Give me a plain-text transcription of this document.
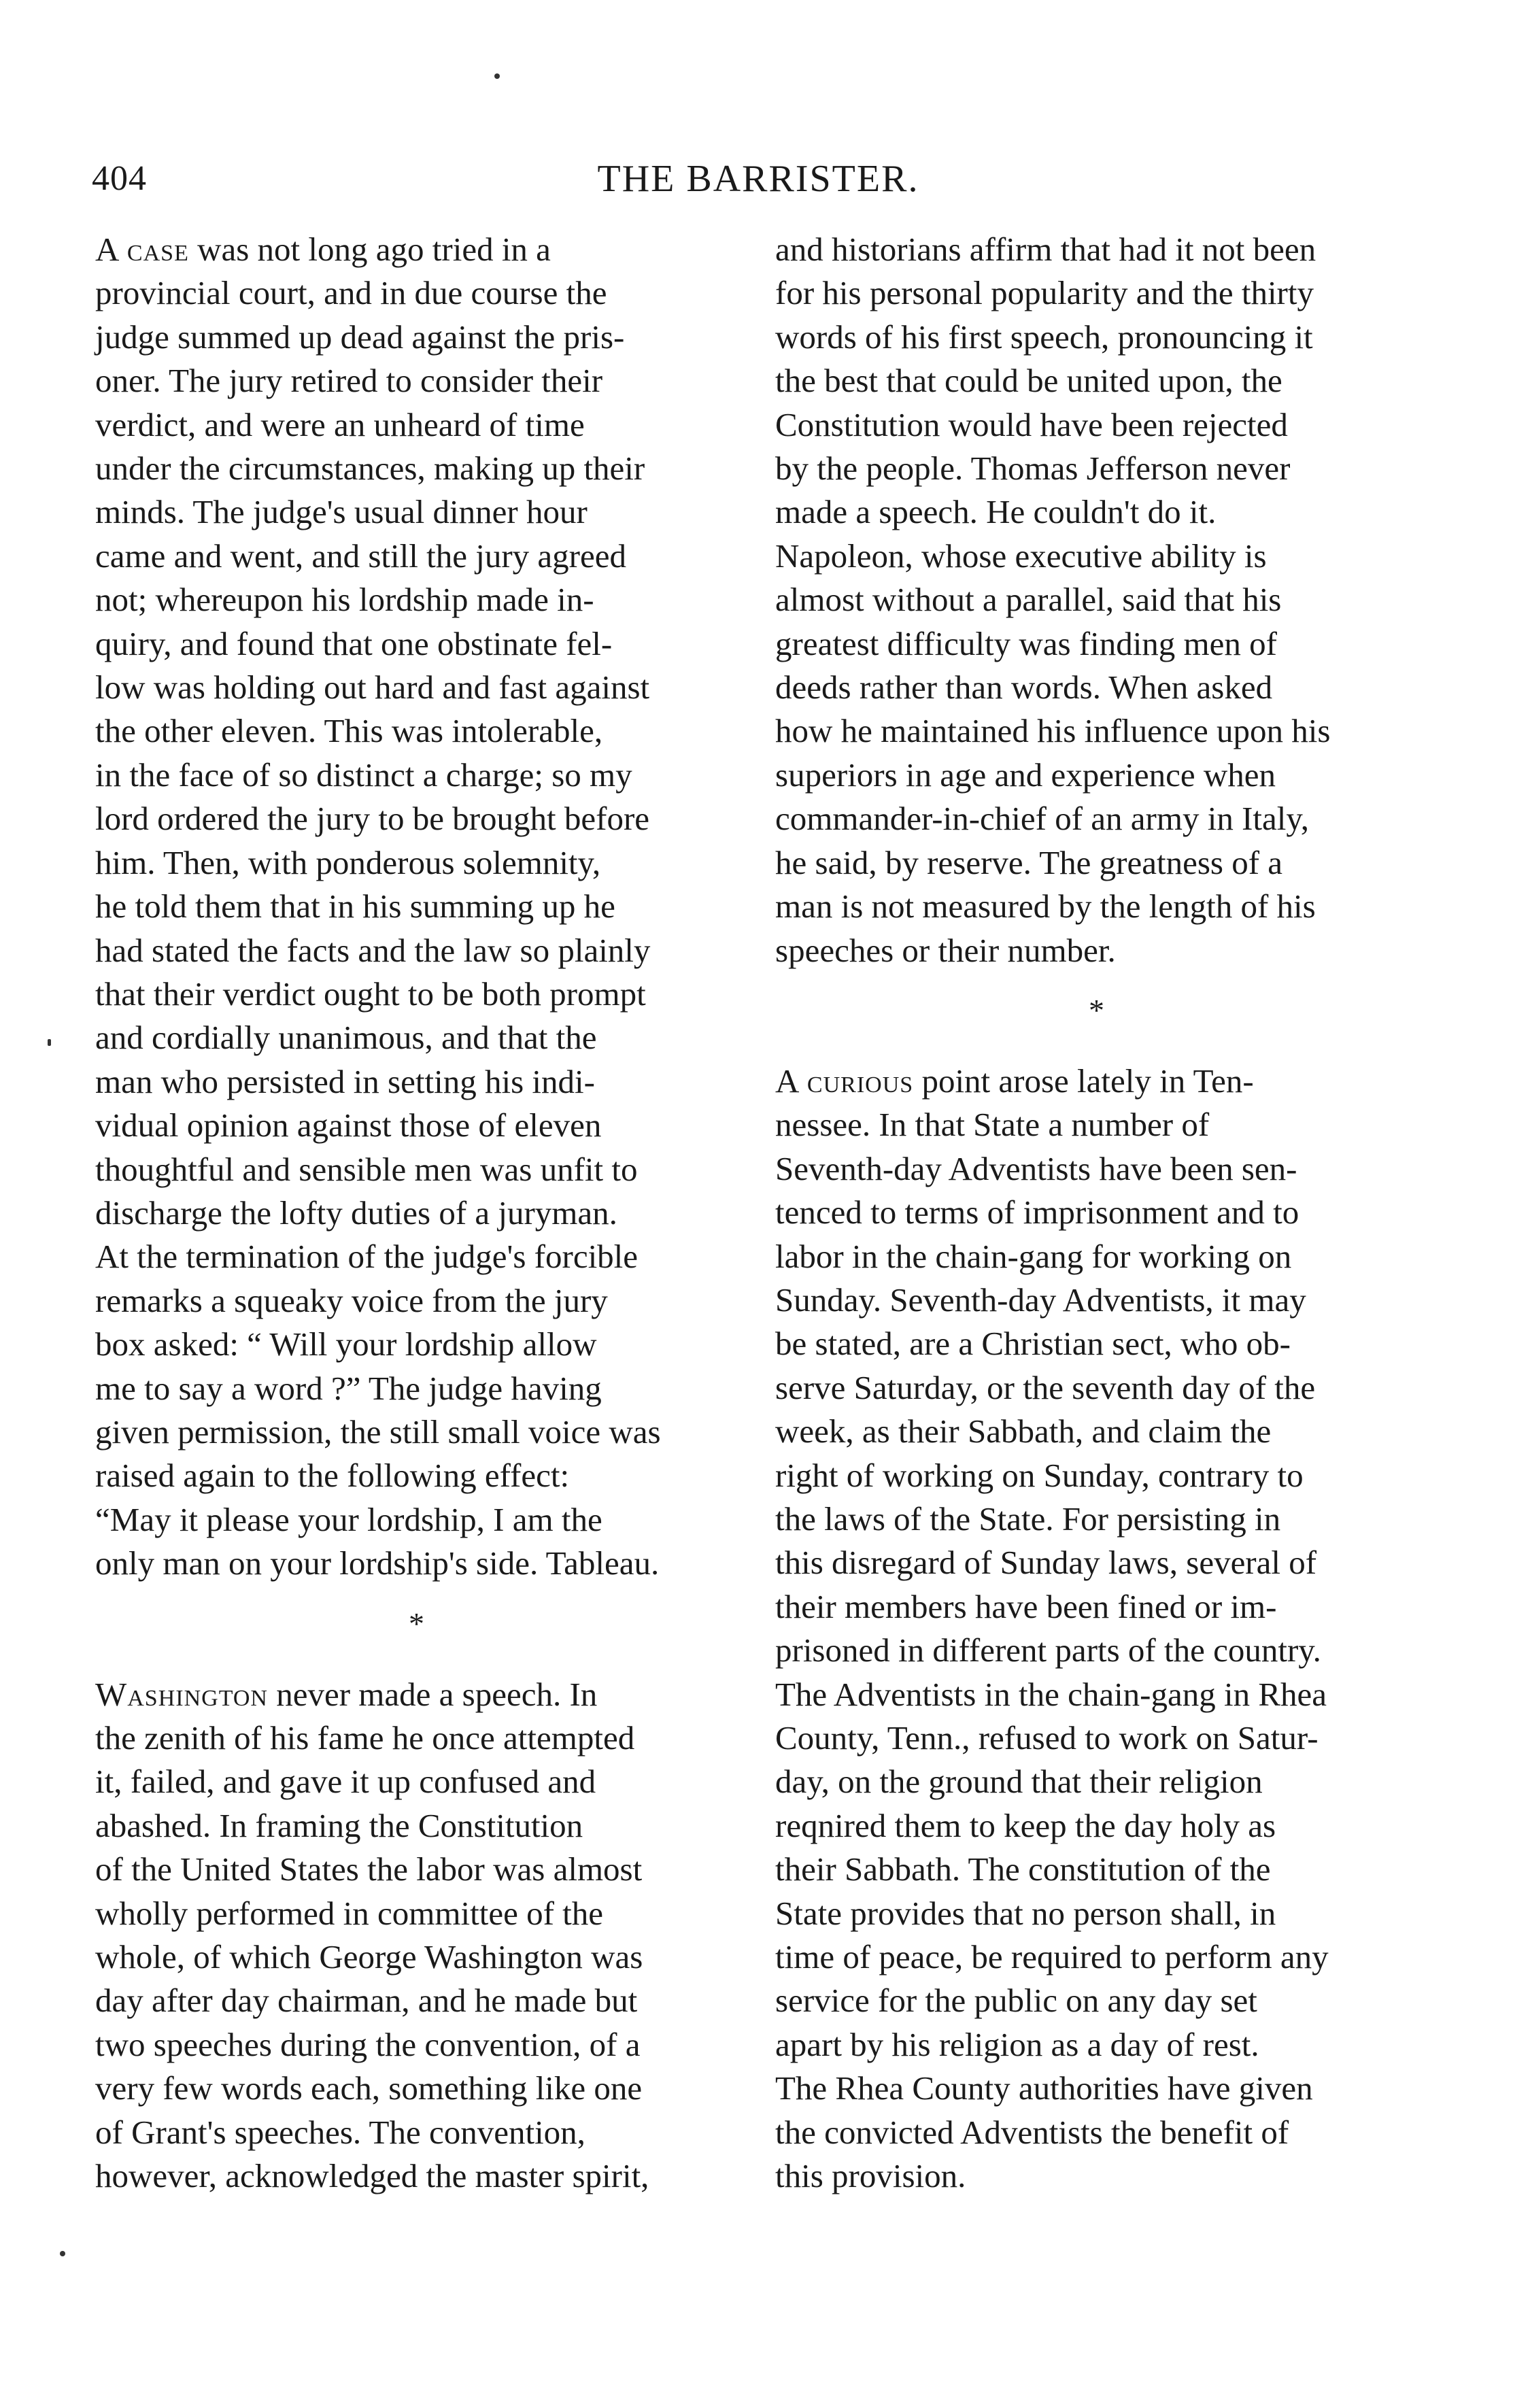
404	THE BARRISTER.

A case was not long ago tried in a
provincial court, and in due course the
judge summed up dead against the pris-
oner. The jury retired to consider their
verdict, and were an unheard of time
under the circumstances, making up their
minds. The judge's usual dinner hour
came and went, and still the jury agreed
not; whereupon his lordship made in-
quiry, and found that one obstinate fel-
low was holding out hard and fast against
the other eleven. This was intolerable,
in the face of so distinct a charge; so my
lord ordered the jury to be brought before
him. Then, with ponderous solemnity,
he told them that in his summing up he
had stated the facts and the law so plainly
that their verdict ought to be both prompt
and cordially unanimous, and that the
man who persisted in setting his indi-
vidual opinion against those of eleven
thoughtful and sensible men was unfit to
discharge the lofty duties of a juryman.
At the termination of the judge's forcible
remarks a squeaky voice from the jury
box asked: “ Will your lordship allow
me to say a word ?” The judge having
given permission, the still small voice was
raised again to the following effect:
“May it please your lordship, I am the
only man on your lordship's side. Tableau.

*

Washington never made a speech. In
the zenith of his fame he once attempted
it, failed, and gave it up confused and
abashed. In framing the Constitution
of the United States the labor was almost
wholly performed in committee of the
whole, of which George Washington was
day after day chairman, and he made but
two speeches during the convention, of a
very few words each, something like one
of Grant's speeches. The convention,
however, acknowledged the master spirit,

and historians affirm that had it not been
for his personal popularity and the thirty
words of his first speech, pronouncing it
the best that could be united upon, the
Constitution would have been rejected
by the people. Thomas Jefferson never
made a speech. He couldn't do it.
Napoleon, whose executive ability is
almost without a parallel, said that his
greatest difficulty was finding men of
deeds rather than words. When asked
how he maintained his influence upon his
superiors in age and experience when
commander-in-chief of an army in Italy,
he said, by reserve. The greatness of a
man is not measured by the length of his
speeches or their number.

*

A curious point arose lately in Ten-
nessee. In that State a number of
Seventh-day Adventists have been sen-
tenced to terms of imprisonment and to
labor in the chain-gang for working on
Sunday. Seventh-day Adventists, it may
be stated, are a Christian sect, who ob-
serve Saturday, or the seventh day of the
week, as their Sabbath, and claim the
right of working on Sunday, contrary to
the laws of the State. For persisting in
this disregard of Sunday laws, several of
their members have been fined or im-
prisoned in different parts of the country.
The Adventists in the chain-gang in Rhea
County, Tenn., refused to work on Satur-
day, on the ground that their religion
reqnired them to keep the day holy as
their Sabbath. The constitution of the
State provides that no person shall, in
time of peace, be required to perform any
service for the public on any day set
apart by his religion as a day of rest.
The Rhea County authorities have given
the convicted Adventists the benefit of
this provision.
